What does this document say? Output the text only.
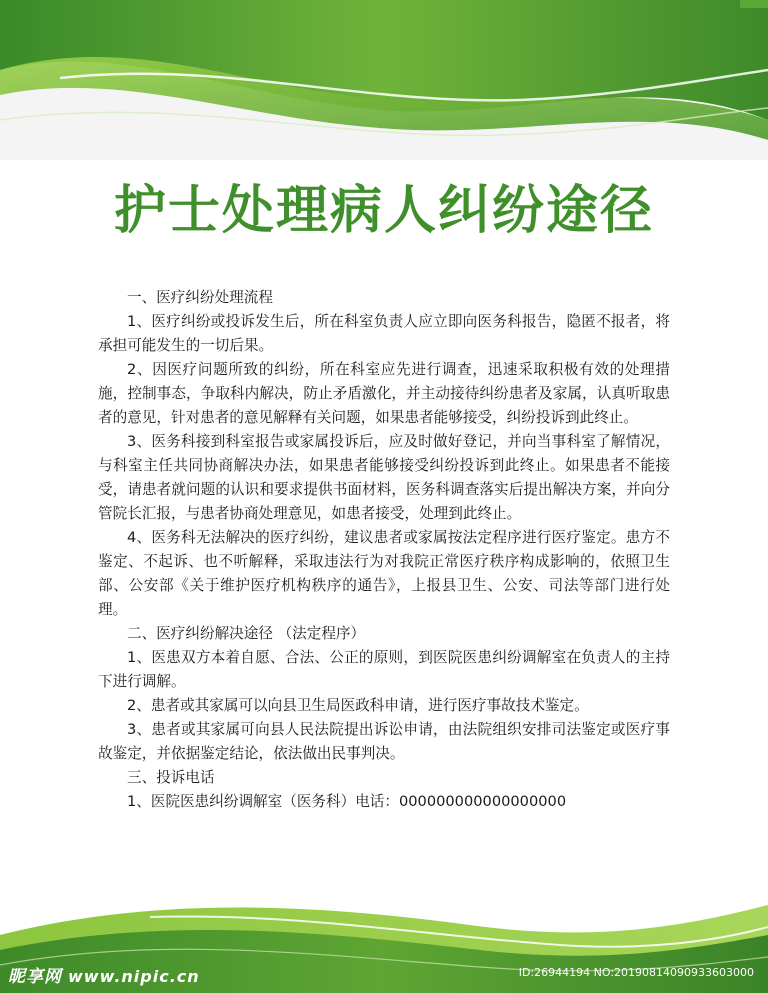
护士处理病人纠纷途径

一、医疗纠纷处理流程

1、医疗纠纷或投诉发生后，所在科室负责人应立即向医务科报告，隐匿不报者，将承担可能发生的一切后果。

2、因医疗问题所致的纠纷，所在科室应先进行调查，迅速采取积极有效的处理措施，控制事态，争取科内解决，防止矛盾激化，并主动接待纠纷患者及家属，认真听取患者的意见，针对患者的意见解释有关问题，如果患者能够接受，纠纷投诉到此终止。

3、医务科接到科室报告或家属投诉后，应及时做好登记，并向当事科室了解情况，与科室主任共同协商解决办法，如果患者能够接受纠纷投诉到此终止。如果患者不能接受，请患者就问题的认识和要求提供书面材料，医务科调查落实后提出解决方案，并向分管院长汇报，与患者协商处理意见，如患者接受，处理到此终止。

4、医务科无法解决的医疗纠纷，建议患者或家属按法定程序进行医疗鉴定。患方不鉴定、不起诉、也不听解释，采取违法行为对我院正常医疗秩序构成影响的，依照卫生部、公安部《关于维护医疗机构秩序的通告》，上报县卫生、公安、司法等部门进行处理。

二、医疗纠纷解决途径 （法定程序）

1、医患双方本着自愿、合法、公正的原则，到医院医患纠纷调解室在负责人的主持下进行调解。

2、患者或其家属可以向县卫生局医政科申请，进行医疗事故技术鉴定。

3、患者或其家属可向县人民法院提出诉讼申请，由法院组织安排司法鉴定或医疗事故鉴定，并依据鉴定结论，依法做出民事判决。

三、投诉电话

1、医院医患纠纷调解室（医务科）电话：000000000000000000

昵享网 www.nipic.cn	ID:26944194 NO:20190814090933603000
